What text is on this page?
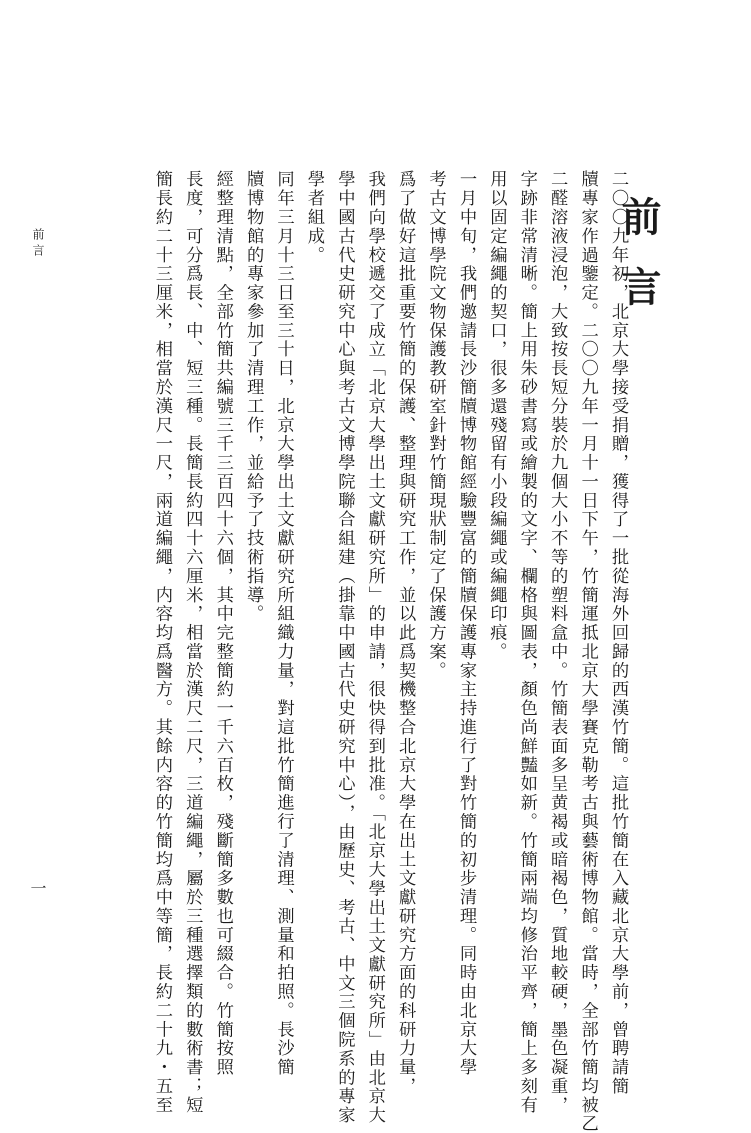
前言
二〇〇九年初，北京大學接受捐贈，獲得了一批從海外回歸的西漢竹簡。這批竹簡在入藏北京大學前，曾聘請簡
牘專家作過鑒定。二〇〇九年一月十一日下午，竹簡運抵北京大學賽克勒考古與藝術博物館。當時，全部竹簡均被乙
二醛溶液浸泡，大致按長短分裝於九個大小不等的塑料盒中。竹簡表面多呈黄褐或暗褐色，質地較硬，墨色凝重，
字跡非常清晰。簡上用朱砂書寫或繪製的文字、欄格與圖表，顏色尚鮮豔如新。竹簡兩端均修治平齊，簡上多刻有
用以固定編繩的契口，很多還殘留有小段編繩或編繩印痕。
一月中旬，我們邀請長沙簡牘博物館經驗豐富的簡牘保護專家主持進行了對竹簡的初步清理。同時由北京大學
考古文博學院文物保護教研室針對竹簡現狀制定了保護方案。
爲了做好這批重要竹簡的保護、整理與研究工作，並以此爲契機整合北京大學在出土文獻研究方面的科研力量，
我們向學校遞交了成立「北京大學出土文獻研究所」的申請，很快得到批准。「北京大學出土文獻研究所」由北京大
學中國古代史研究中心與考古文博學院聯合組建（掛靠中國古代史研究中心），由歷史、考古、中文三個院系的專家
學者組成。
同年三月十三日至三十日，北京大學出土文獻研究所組織力量，對這批竹簡進行了清理、測量和拍照。長沙簡
牘博物館的專家參加了清理工作，並給予了技術指導。
經整理清點，全部竹簡共編號三千三百四十六個，其中完整簡約一千六百枚，殘斷簡多數也可綴合。竹簡按照
長度，可分爲長、中、短三種。長簡長約四十六厘米，相當於漢尺二尺，三道編繩，屬於三種選擇類的數術書；短
簡長約二十三厘米，相當於漢尺一尺，兩道編繩，内容均爲醫方。其餘内容的竹簡均爲中等簡，長約二十九・五至
前言
一
